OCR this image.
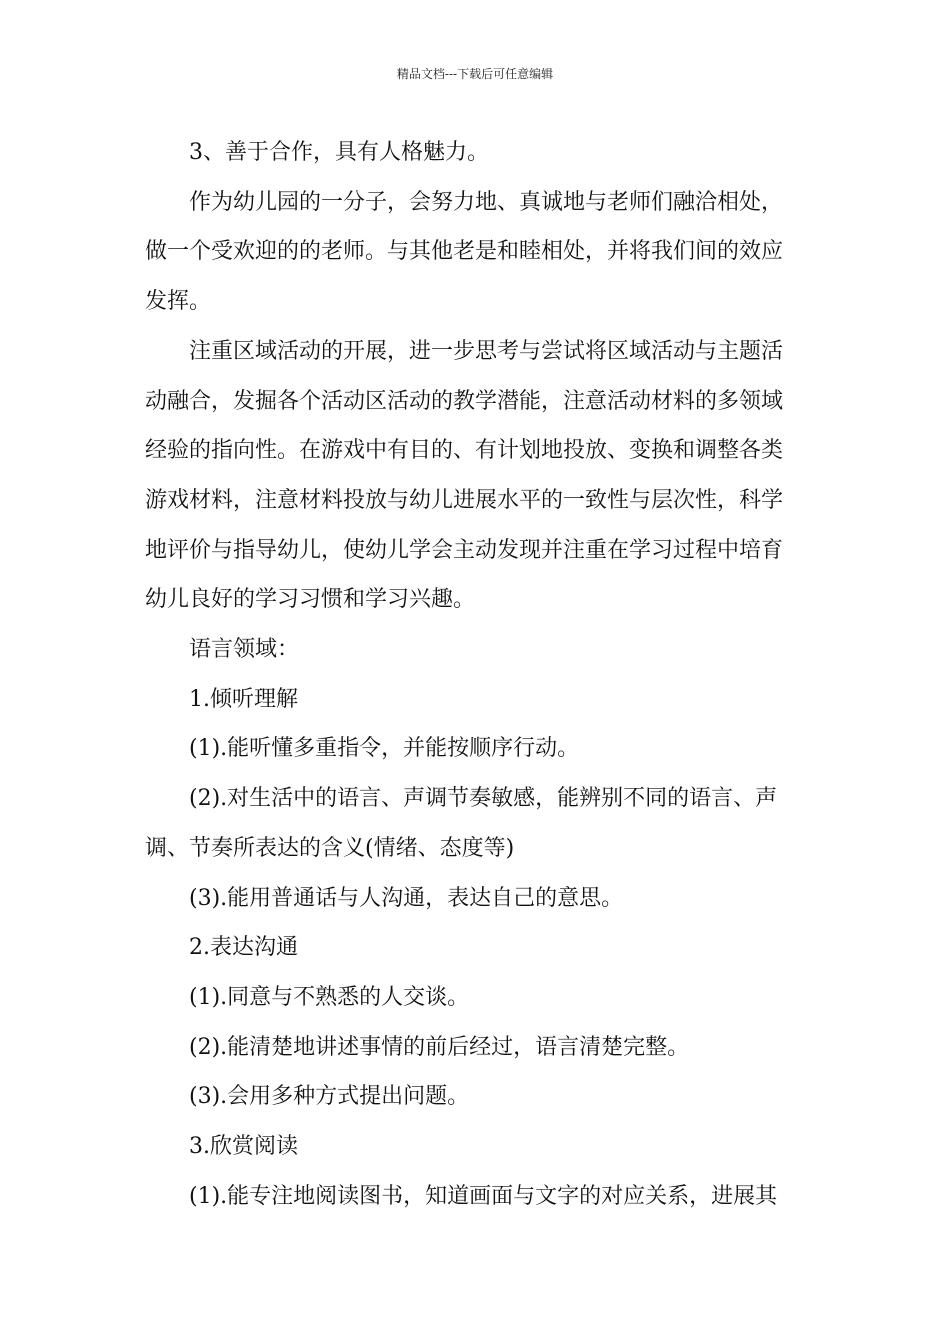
精品文档---下载后可任意编辑
3、善于合作，具有人格魅力。
作为幼儿园的一分子，会努力地、真诚地与老师们融洽相处，
做一个受欢迎的的老师。与其他老是和睦相处，并将我们间的效应
发挥。
注重区域活动的开展，进一步思考与尝试将区域活动与主题活
动融合，发掘各个活动区活动的教学潜能，注意活动材料的多领域
经验的指向性。在游戏中有目的、有计划地投放、变换和调整各类
游戏材料，注意材料投放与幼儿进展水平的一致性与层次性，科学
地评价与指导幼儿，使幼儿学会主动发现并注重在学习过程中培育
幼儿良好的学习习惯和学习兴趣。
语言领域：
1.倾听理解
(1).能听懂多重指令，并能按顺序行动。
(2).对生活中的语言、声调节奏敏感，能辨别不同的语言、声
调、节奏所表达的含义(情绪、态度等)
(3).能用普通话与人沟通，表达自己的意思。
2.表达沟通
(1).同意与不熟悉的人交谈。
(2).能清楚地讲述事情的前后经过，语言清楚完整。
(3).会用多种方式提出问题。
3.欣赏阅读
(1).能专注地阅读图书，知道画面与文字的对应关系，进展其
